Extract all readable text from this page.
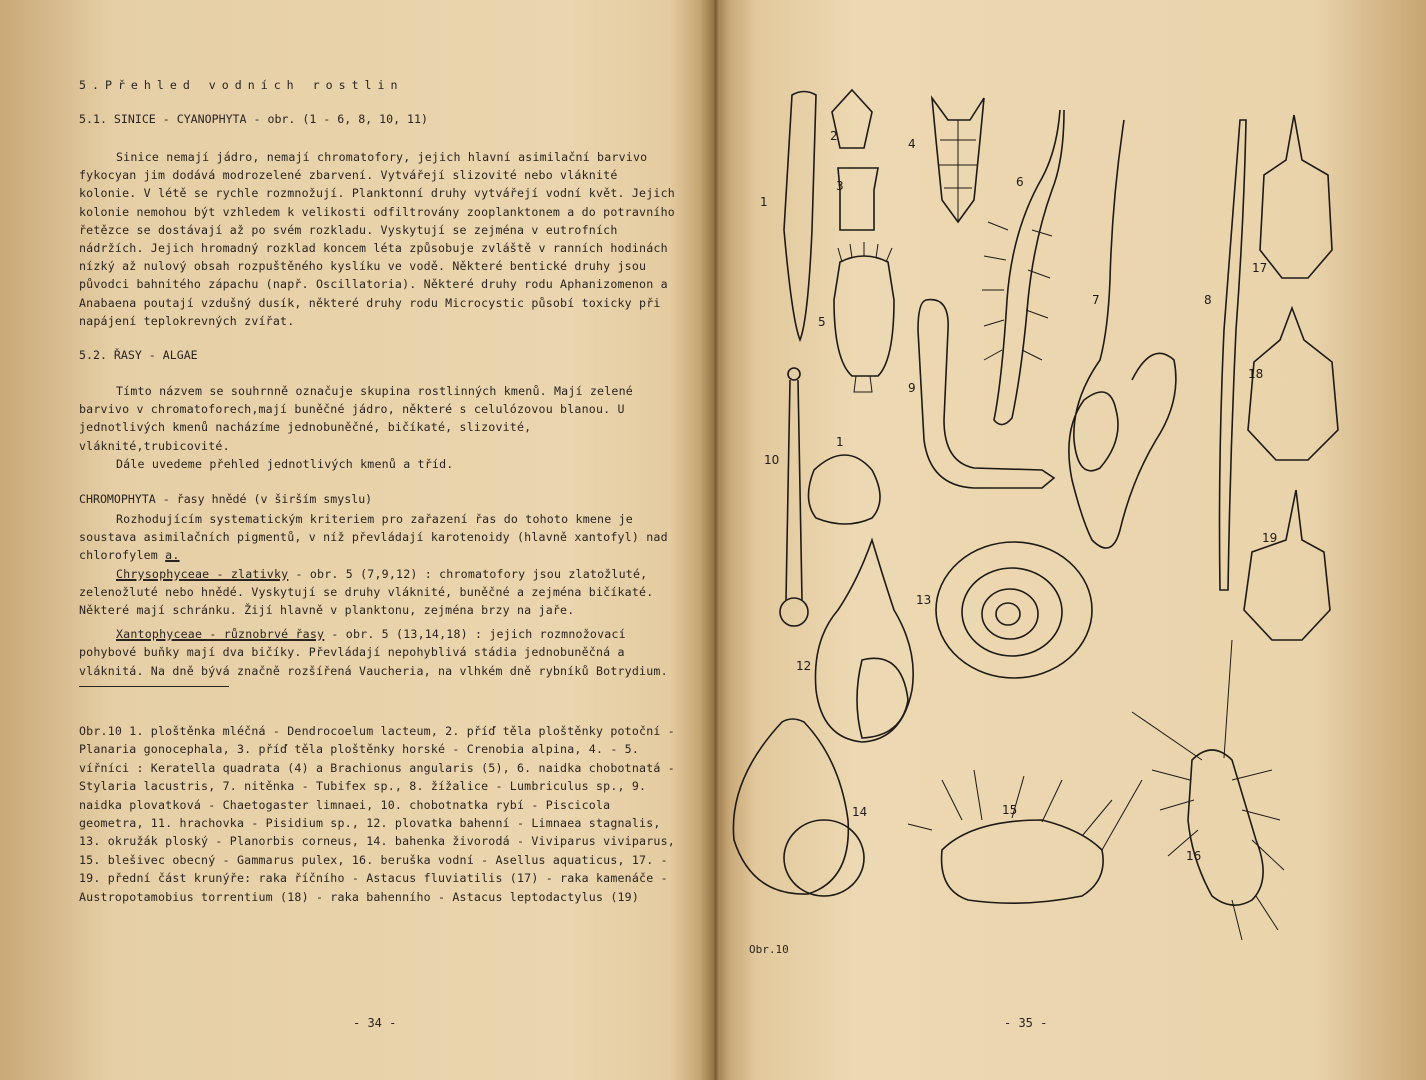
5.Přehled vodních rostlin
5.1. SINICE - CYANOPHYTA - obr. (1 - 6, 8, 10, 11)

Sinice nemají jádro, nemají chromatofory, jejich hlavní asimilační barvivo fykocyan jim dodává modrozelené zbarvení. Vytvářejí slizovité nebo vláknité kolonie. V létě se rychle rozmnožují. Planktonní druhy vytvářejí vodní květ. Jejich kolonie nemohou být vzhledem k velikosti odfiltrovány zooplanktonem a do potravního řetězce se dostávají až po svém rozkladu. Vyskytují se zejména v eutrofních nádržích. Jejich hromadný rozklad koncem léta způsobuje zvláště v ranních hodinách nízký až nulový obsah rozpuštěného kyslíku ve vodě. Některé bentické druhy jsou původci bahnitého zápachu (např. Oscillatoria). Některé druhy rodu Aphanizomenon a Anabaena poutají vzdušný dusík, některé druhy rodu Microcystic působí toxicky při napájení teplokrevných zvířat.

5.2. ŘASY - ALGAE

Tímto názvem se souhrnně označuje skupina rostlinných kmenů. Mají zelené barvivo v chromatoforech,mají buněčné jádro, některé s celulózovou blanou. U jednotlivých kmenů nacházíme jednobuněčné, bičíkaté, slizovité, vláknité,trubicovité.

Dále uvedeme přehled jednotlivých kmenů a tříd.

CHROMOPHYTA - řasy hnědé (v širším smyslu)

Rozhodujícím systematickým kriteriem pro zařazení řas do tohoto kmene je soustava asimilačních pigmentů, v níž převládají karotenoidy (hlavně xantofyl) nad chlorofylem a.

Chrysophyceae - zlativky - obr. 5 (7,9,12) : chromatofory jsou zlatožluté, zelenožluté nebo hnědé. Vyskytují se druhy vláknité, buněčné a zejména bičíkaté. Některé mají schránku. Žijí hlavně v planktonu, zejména brzy na jaře.

Xantophyceae - různobrvé řasy - obr. 5 (13,14,18) : jejich rozmnožovací pohybové buňky mají dva bičíky. Převládají nepohyblivá stádia jednobuněčná a vláknitá. Na dně bývá značně rozšířená Vaucheria, na vlhkém dně rybníků Botrydium.

Obr.10 1. ploštěnka mléčná - Dendrocoelum lacteum, 2. příď těla ploštěnky potoční - Planaria gonocephala, 3. příď těla ploštěnky horské - Crenobia alpina, 4. - 5. vířníci : Keratella quadrata (4) a Brachionus angularis (5), 6. naidka chobotnatá - Stylaria lacustris, 7. nitěnka - Tubifex sp., 8. žížalice - Lumbriculus sp., 9. naidka plovatková - Chaetogaster limnaei, 10. chobotnatka rybí - Piscicola geometra, 11. hrachovka - Pisidium sp., 12. plovatka bahenní - Limnaea stagnalis, 13. okružák ploský - Planorbis corneus, 14. bahenka živorodá - Viviparus viviparus, 15. blešivec obecný - Gammarus pulex, 16. beruška vodní - Asellus aquaticus, 17. - 19. přední část krunýře: raka říčního - Astacus fluviatilis (17) - raka kamenáče - Austropotamobius torrentium (18) - raka bahenního - Astacus leptodactylus (19)
- 34 -
1
2
3
4
5
6
7	8
9
10
1
12
13
14	15
16
17
18
19
Obr.10
- 35 -
